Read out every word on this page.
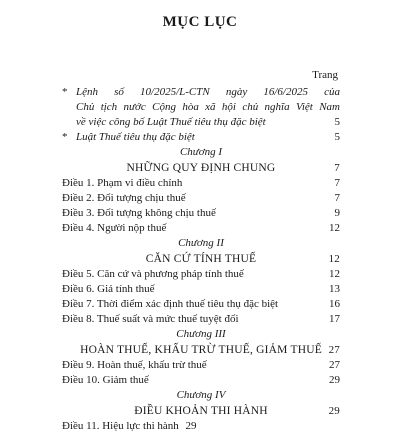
MỤC LỤC
Trang
* Lệnh số 10/2025/L-CTN ngày 16/6/2025 của
Chủ tịch nước Cộng hòa xã hội chủ nghĩa Việt Nam
về việc công bố Luật Thuế tiêu thụ đặc biệt	5
* Luật Thuế tiêu thụ đặc biệt	5
Chương I
NHỮNG QUY ĐỊNH CHUNG	7
Điều 1. Phạm vi điều chỉnh	7
Điều 2. Đối tượng chịu thuế	7
Điều 3. Đối tượng không chịu thuế	9
Điều 4. Người nộp thuế	12
Chương II
CĂN CỨ TÍNH THUẾ	12
Điều 5. Căn cứ và phương pháp tính thuế	12
Điều 6. Giá tính thuế	13
Điều 7. Thời điểm xác định thuế tiêu thụ đặc biệt	16
Điều 8. Thuế suất và mức thuế tuyệt đối	17
Chương III
HOÀN THUẾ, KHẤU TRỪ THUẾ, GIẢM THUẾ 27
Điều 9. Hoàn thuế, khấu trừ thuế	27
Điều 10. Giảm thuế	29
Chương IV
ĐIỀU KHOẢN THI HÀNH	29
Điều 11. Hiệu lực thi hành 29
